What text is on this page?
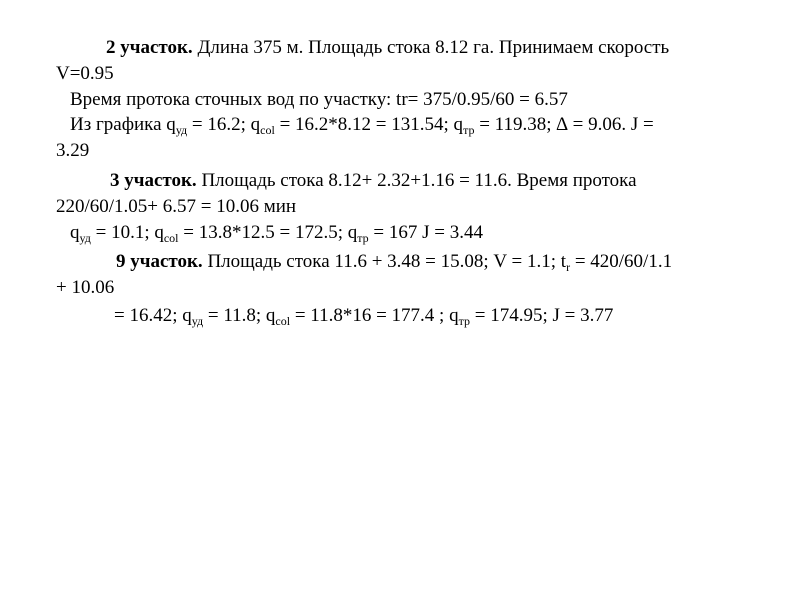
2 участок. Длина 375 м. Площадь стока 8.12 га. Принимаем скорость
V=0.95
Время протока сточных вод по участку: tr= 375/0.95/60 = 6.57
Из графика $q_{уд} = 16.2$; $q_{col} = 16.2*8.12 = 131.54$; $q_{тр} = 119.38$; ∆ = 9.06. J =
3.29
3 участок. Площадь стока 8.12+ 2.32+1.16 = 11.6. Время протока
220/60/1.05+ 6.57 = 10.06 мин
$q_{уд} = 10.1$; $q_{col} = 13.8*12.5 = 172.5$; $q_{тр} = 167$ J = 3.44
9 участок. Площадь стока 11.6 + 3.48 = 15.08; V = 1.1; $t_r = 420/60/1.1$
+ 10.06
= 16.42; $q_{уд} = 11.8$; $q_{col} = 11.8*16 = 177.4$ ; $q_{тр} = 174.95$; J = 3.77
